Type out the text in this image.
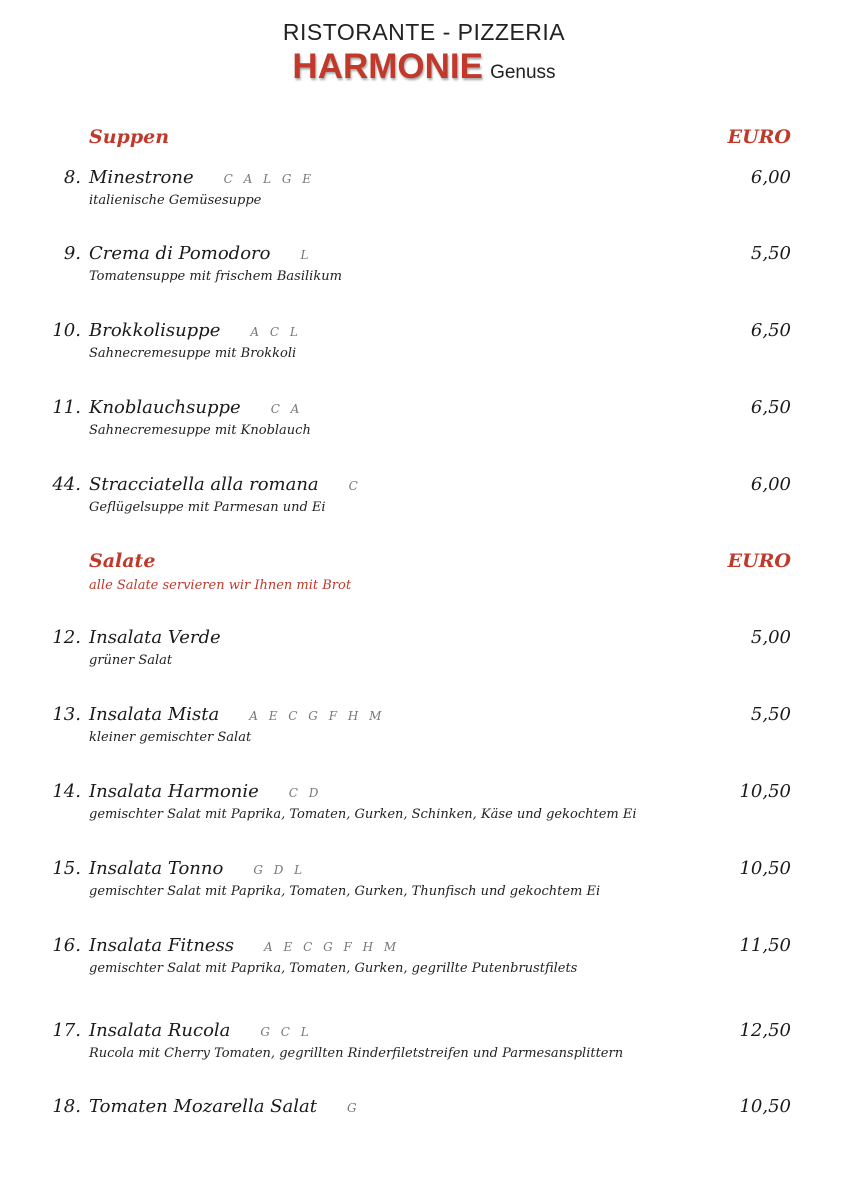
RISTORANTE - PIZZERIA
HARMONIE Genuss
Suppen	EURO
8. Minestrone	C A L G E	6,00
italienische Gemüsesuppe
9. Crema di Pomodoro	L	5,50
Tomatensuppe mit frischem Basilikum
10. Brokkolisuppe	A C L	6,50
Sahnecremesuppe mit Brokkoli
11. Knoblauchsuppe	C A	6,50
Sahnecremesuppe mit Knoblauch
44. Stracciatella alla romana	C	6,00
Geflügelsuppe mit Parmesan und Ei
Salate	EURO
alle Salate servieren wir Ihnen mit Brot
12. Insalata Verde	5,00
grüner Salat
13. Insalata Mista	A E C G F H M	5,50
kleiner gemischter Salat
14. Insalata Harmonie	C D	10,50
gemischter Salat mit Paprika, Tomaten, Gurken, Schinken, Käse und gekochtem Ei
15. Insalata Tonno	G D L	10,50
gemischter Salat mit Paprika, Tomaten, Gurken, Thunfisch und gekochtem Ei
16. Insalata Fitness	A E C G F H M	11,50
gemischter Salat mit Paprika, Tomaten, Gurken, gegrillte Putenbrustfilets
17. Insalata Rucola	G C L	12,50
Rucola mit Cherry Tomaten, gegrillten Rinderfiletstreifen und Parmesansplittern
18. Tomaten Mozarella Salat	G	10,50
